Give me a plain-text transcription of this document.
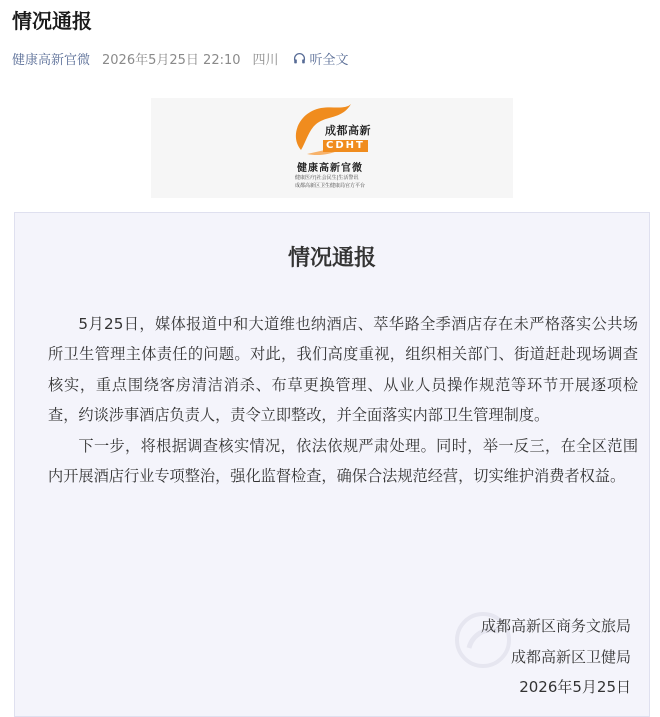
情况通报
健康高新官微 2026年5月25日 22:10 四川 听全文
成都高新
CDHT
健康高新官微
健康医疗|社会民生|生活警讯
成都高新区卫生健康局官方平台
情况通报

5月25日，媒体报道中和大道维也纳酒店、萃华路全季酒店存在未严格落实公共场所卫生管理主体责任的问题。对此，我们高度重视，组织相关部门、街道赶赴现场调查核实，重点围绕客房清洁消杀、布草更换管理、从业人员操作规范等环节开展逐项检查，约谈涉事酒店负责人，责令立即整改，并全面落实内部卫生管理制度。

下一步，将根据调查核实情况，依法依规严肃处理。同时，举一反三，在全区范围内开展酒店行业专项整治，强化监督检查，确保合法规范经营，切实维护消费者权益。

成都高新区商务文旅局
成都高新区卫健局
2026年5月25日
